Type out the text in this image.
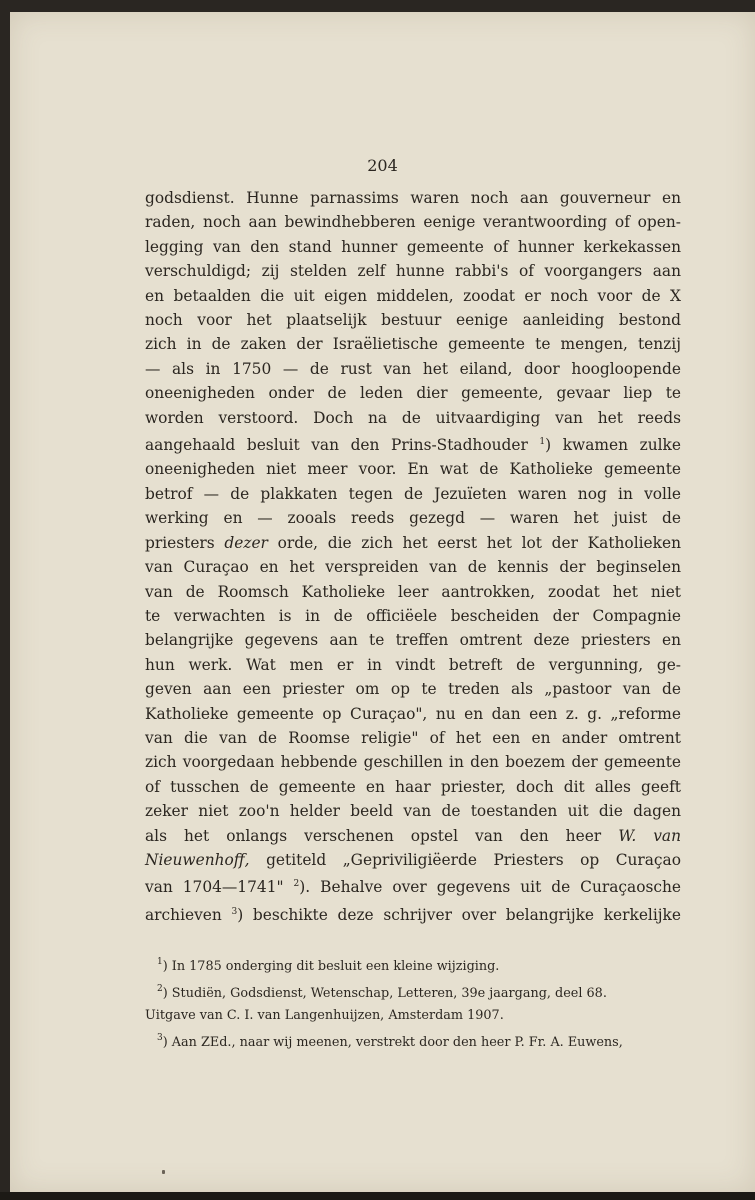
204
godsdienst. Hunne parnassims waren noch aan gouverneur en
raden, noch aan bewindhebberen eenige verantwoording of open-
legging van den stand hunner gemeente of hunner kerkekassen
verschuldigd; zij stelden zelf hunne rabbi's of voorgangers aan
en betaalden die uit eigen middelen, zoodat er noch voor de X
noch voor het plaatselijk bestuur eenige aanleiding bestond
zich in de zaken der Israëlietische gemeente te mengen, tenzij
— als in 1750 — de rust van het eiland, door hoogloopende
oneenigheden onder de leden dier gemeente, gevaar liep te
worden verstoord. Doch na de uitvaardiging van het reeds
aangehaald besluit van den Prins-Stadhouder $^1$) kwamen zulke
oneenigheden niet meer voor. En wat de Katholieke gemeente
betrof — de plakkaten tegen de Jezuïeten waren nog in volle
werking en — zooals reeds gezegd — waren het juist de
priesters dezer orde, die zich het eerst het lot der Katholieken
van Curaçao en het verspreiden van de kennis der beginselen
van de Roomsch Katholieke leer aantrokken, zoodat het niet
te verwachten is in de officiëele bescheiden der Compagnie
belangrijke gegevens aan te treffen omtrent deze priesters en
hun werk. Wat men er in vindt betreft de vergunning, ge-
geven aan een priester om op te treden als „pastoor van de
Katholieke gemeente op Curaçao", nu en dan een z. g. „reforme
van die van de Roomse religie" of het een en ander omtrent
zich voorgedaan hebbende geschillen in den boezem der gemeente
of tusschen de gemeente en haar priester, doch dit alles geeft
zeker niet zoo'n helder beeld van de toestanden uit die dagen
als het onlangs verschenen opstel van den heer W. van
Nieuwenhoff, getiteld „Gepriviligiëerde Priesters op Curaçao
van 1704—1741" $^2$). Behalve over gegevens uit de Curaçaosche
archieven $^3$) beschikte deze schrijver over belangrijke kerkelijke
$^1$) In 1785 onderging dit besluit een kleine wijziging.
$^2$) Studiën, Godsdienst, Wetenschap, Letteren, 39e jaargang, deel 68.
Uitgave van C. I. van Langenhuijzen, Amsterdam 1907.
$^3$) Aan ZEd., naar wij meenen, verstrekt door den heer P. Fr. A. Euwens,
